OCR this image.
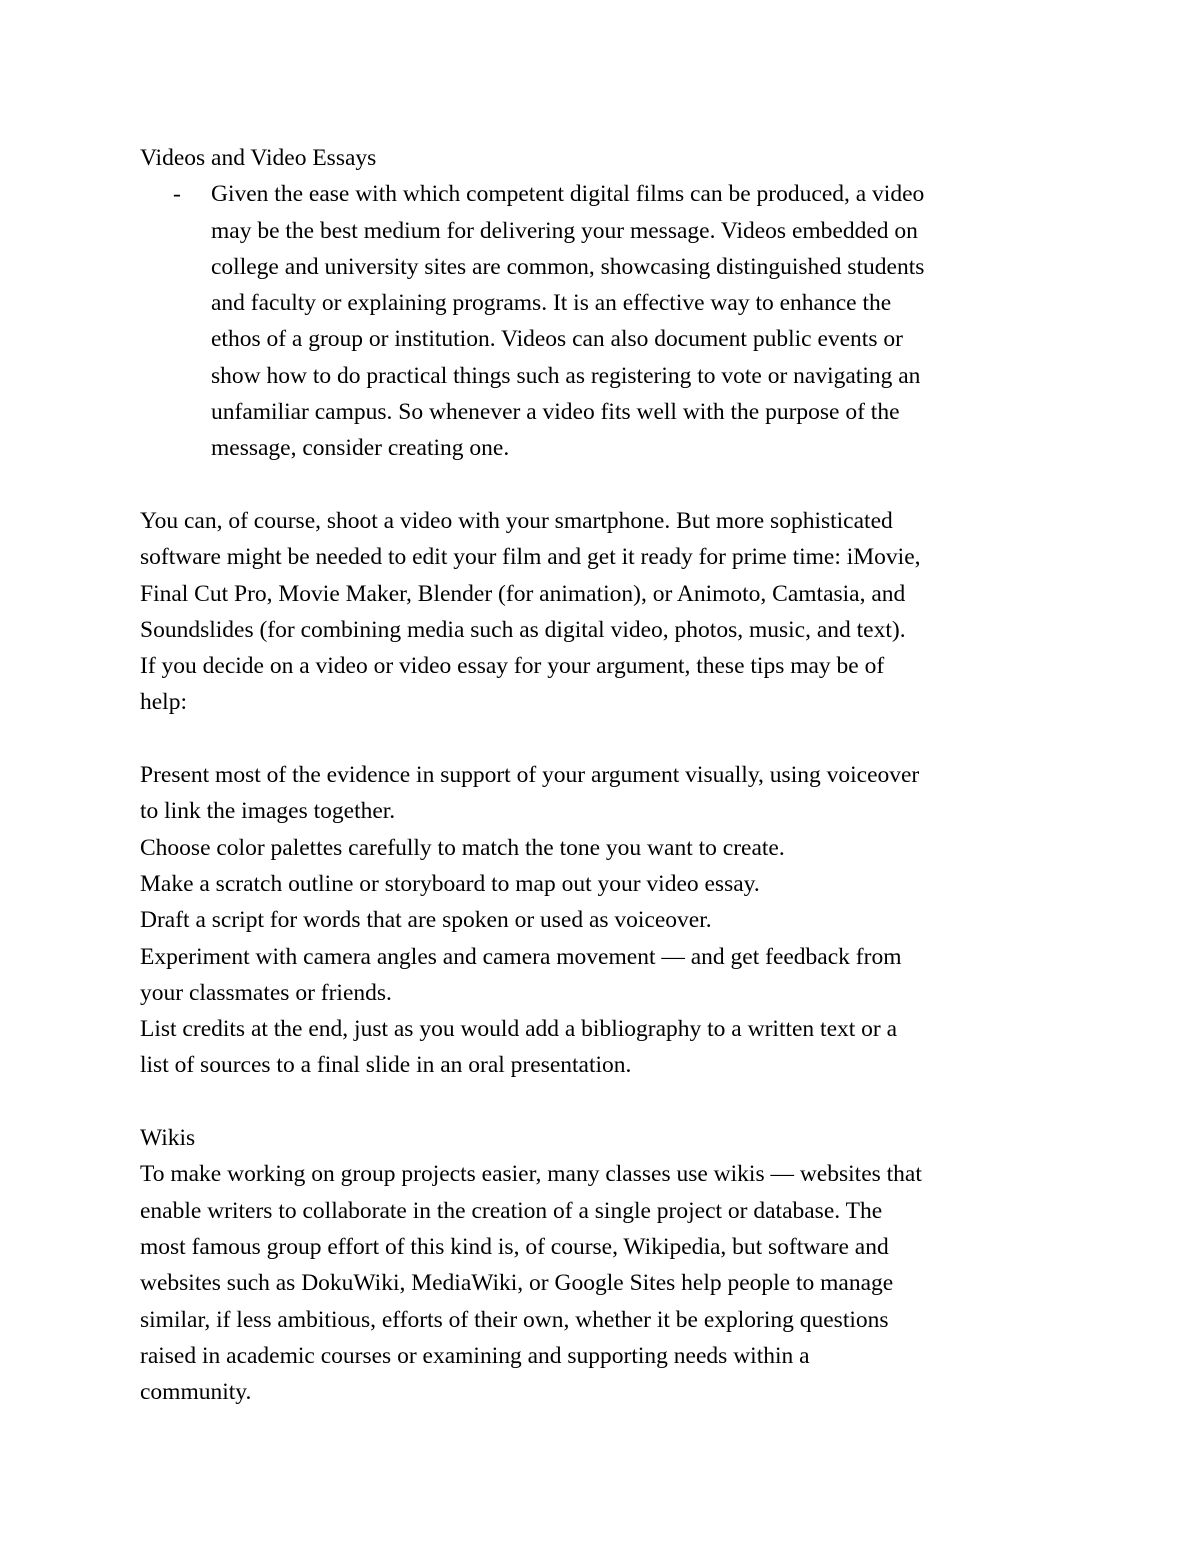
Videos and Video Essays
- Given the ease with which competent digital films can be produced, a video
may be the best medium for delivering your message. Videos embedded on
college and university sites are common, showcasing distinguished students
and faculty or explaining programs. It is an effective way to enhance the
ethos of a group or institution. Videos can also document public events or
show how to do practical things such as registering to vote or navigating an
unfamiliar campus. So whenever a video fits well with the purpose of the
message, consider creating one.
You can, of course, shoot a video with your smartphone. But more sophisticated
software might be needed to edit your film and get it ready for prime time: iMovie,
Final Cut Pro, Movie Maker, Blender (for animation), or Animoto, Camtasia, and
Soundslides (for combining media such as digital video, photos, music, and text).
If you decide on a video or video essay for your argument, these tips may be of
help:
Present most of the evidence in support of your argument visually, using voiceover
to link the images together.
Choose color palettes carefully to match the tone you want to create.
Make a scratch outline or storyboard to map out your video essay.
Draft a script for words that are spoken or used as voiceover.
Experiment with camera angles and camera movement — and get feedback from
your classmates or friends.
List credits at the end, just as you would add a bibliography to a written text or a
list of sources to a final slide in an oral presentation.
Wikis
To make working on group projects easier, many classes use wikis — websites that
enable writers to collaborate in the creation of a single project or database. The
most famous group effort of this kind is, of course, Wikipedia, but software and
websites such as DokuWiki, MediaWiki, or Google Sites help people to manage
similar, if less ambitious, efforts of their own, whether it be exploring questions
raised in academic courses or examining and supporting needs within a
community.
